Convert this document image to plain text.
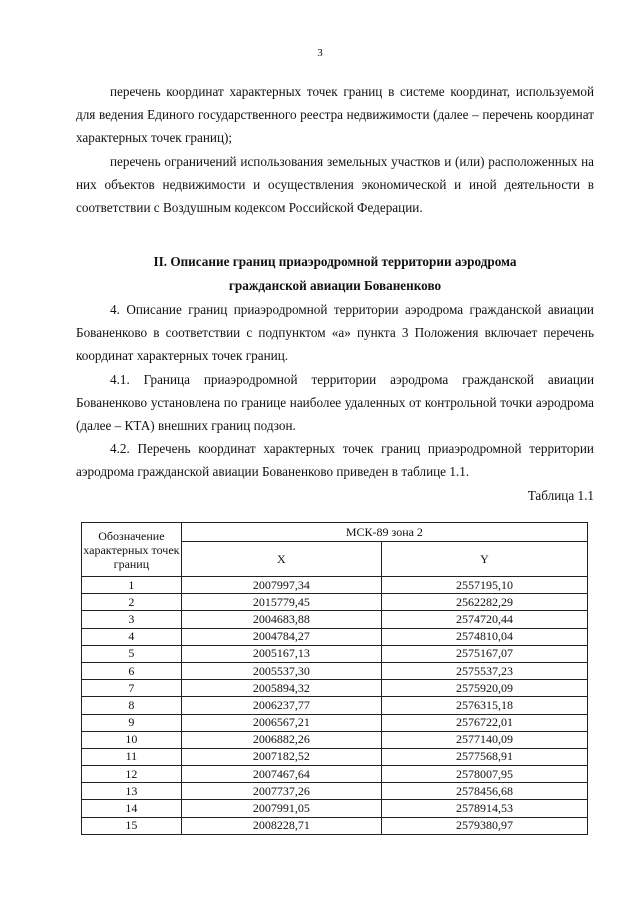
3

перечень координат характерных точек границ в системе координат, используемой для ведения Единого государственного реестра недвижимости (далее – перечень координат характерных точек границ);

перечень ограничений использования земельных участков и (или) расположенных на них объектов недвижимости и осуществления экономической и иной деятельности в соответствии с Воздушным кодексом Российской Федерации.

II. Описание границ приаэродромной территории аэродрома

гражданской авиации Бованенково

4. Описание границ приаэродромной территории аэродрома гражданской авиации Бованенково в соответствии с подпунктом «а» пункта 3 Положения включает перечень координат характерных точек границ.

4.1. Граница приаэродромной территории аэродрома гражданской авиации Бованенково установлена по границе наиболее удаленных от контрольной точки аэродрома (далее – КТА) внешних границ подзон.

4.2. Перечень координат характерных точек границ приаэродромной территории аэродрома гражданской авиации Бованенково приведен в таблице 1.1.

Таблица 1.1

Обозначение характерных точек границ	МСК-89 зона 2	
	X	Y
1	2007997,34	2557195,10
2	2015779,45	2562282,29
3	2004683,88	2574720,44
4	2004784,27	2574810,04
5	2005167,13	2575167,07
6	2005537,30	2575537,23
7	2005894,32	2575920,09
8	2006237,77	2576315,18
9	2006567,21	2576722,01
10	2006882,26	2577140,09
11	2007182,52	2577568,91
12	2007467,64	2578007,95
13	2007737,26	2578456,68
14	2007991,05	2578914,53
15	2008228,71	2579380,97
